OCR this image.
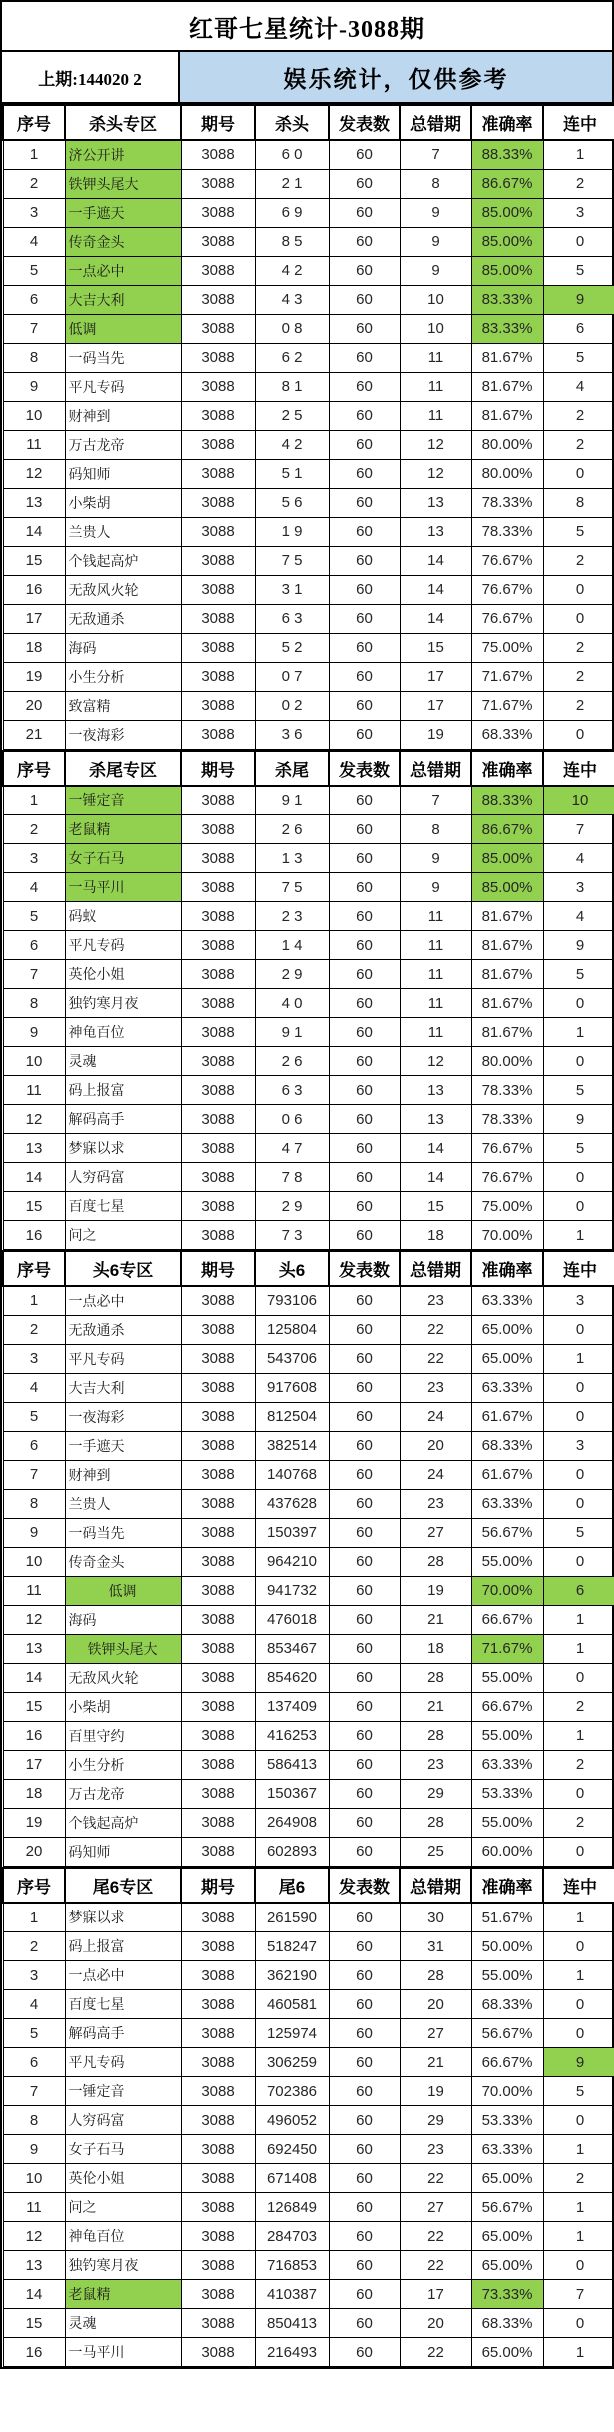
红哥七星统计-3088期
上期:144020 2	娱乐统计，仅供参考
序号	杀头专区	期号	杀头	发表数	总错期	准确率	连中
1	济公开讲	3088	6 0	60	7	88.33%	1
2	铁钾头尾大	3088	2 1	60	8	86.67%	2
3	一手遮天	3088	6 9	60	9	85.00%	3
4	传奇金头	3088	8 5	60	9	85.00%	0
5	一点必中	3088	4 2	60	9	85.00%	5
6	大吉大利	3088	4 3	60	10	83.33%	9
7	低调	3088	0 8	60	10	83.33%	6
8	一码当先	3088	6 2	60	11	81.67%	5
9	平凡专码	3088	8 1	60	11	81.67%	4
10	财神到	3088	2 5	60	11	81.67%	2
11	万古龙帝	3088	4 2	60	12	80.00%	2
12	码知师	3088	5 1	60	12	80.00%	0
13	小柴胡	3088	5 6	60	13	78.33%	8
14	兰贵人	3088	1 9	60	13	78.33%	5
15	个钱起高炉	3088	7 5	60	14	76.67%	2
16	无敌风火轮	3088	3 1	60	14	76.67%	0
17	无敌通杀	3088	6 3	60	14	76.67%	0
18	海码	3088	5 2	60	15	75.00%	2
19	小生分析	3088	0 7	60	17	71.67%	2
20	致富精	3088	0 2	60	17	71.67%	2
21	一夜海彩	3088	3 6	60	19	68.33%	0
序号	杀尾专区	期号	杀尾	发表数	总错期	准确率	连中
1	一锤定音	3088	9 1	60	7	88.33%	10
2	老鼠精	3088	2 6	60	8	86.67%	7
3	女子石马	3088	1 3	60	9	85.00%	4
4	一马平川	3088	7 5	60	9	85.00%	3
5	码蚁	3088	2 3	60	11	81.67%	4
6	平凡专码	3088	1 4	60	11	81.67%	9
7	英伦小姐	3088	2 9	60	11	81.67%	5
8	独钓寒月夜	3088	4 0	60	11	81.67%	0
9	神龟百位	3088	9 1	60	11	81.67%	1
10	灵魂	3088	2 6	60	12	80.00%	0
11	码上报富	3088	6 3	60	13	78.33%	5
12	解码高手	3088	0 6	60	13	78.33%	9
13	梦寐以求	3088	4 7	60	14	76.67%	5
14	人穷码富	3088	7 8	60	14	76.67%	0
15	百度七星	3088	2 9	60	15	75.00%	0
16	问之	3088	7 3	60	18	70.00%	1
序号	头6专区	期号	头6	发表数	总错期	准确率	连中
1	一点必中	3088	793106	60	23	63.33%	3
2	无敌通杀	3088	125804	60	22	65.00%	0
3	平凡专码	3088	543706	60	22	65.00%	1
4	大吉大利	3088	917608	60	23	63.33%	0
5	一夜海彩	3088	812504	60	24	61.67%	0
6	一手遮天	3088	382514	60	20	68.33%	3
7	财神到	3088	140768	60	24	61.67%	0
8	兰贵人	3088	437628	60	23	63.33%	0
9	一码当先	3088	150397	60	27	56.67%	5
10	传奇金头	3088	964210	60	28	55.00%	0
11	低调	3088	941732	60	19	70.00%	6
12	海码	3088	476018	60	21	66.67%	1
13	铁钾头尾大	3088	853467	60	18	71.67%	1
14	无敌风火轮	3088	854620	60	28	55.00%	0
15	小柴胡	3088	137409	60	21	66.67%	2
16	百里守约	3088	416253	60	28	55.00%	1
17	小生分析	3088	586413	60	23	63.33%	2
18	万古龙帝	3088	150367	60	29	53.33%	0
19	个钱起高炉	3088	264908	60	28	55.00%	2
20	码知师	3088	602893	60	25	60.00%	0
序号	尾6专区	期号	尾6	发表数	总错期	准确率	连中
1	梦寐以求	3088	261590	60	30	51.67%	1
2	码上报富	3088	518247	60	31	50.00%	0
3	一点必中	3088	362190	60	28	55.00%	1
4	百度七星	3088	460581	60	20	68.33%	0
5	解码高手	3088	125974	60	27	56.67%	0
6	平凡专码	3088	306259	60	21	66.67%	9
7	一锤定音	3088	702386	60	19	70.00%	5
8	人穷码富	3088	496052	60	29	53.33%	0
9	女子石马	3088	692450	60	23	63.33%	1
10	英伦小姐	3088	671408	60	22	65.00%	2
11	问之	3088	126849	60	27	56.67%	1
12	神龟百位	3088	284703	60	22	65.00%	1
13	独钓寒月夜	3088	716853	60	22	65.00%	0
14	老鼠精	3088	410387	60	17	73.33%	7
15	灵魂	3088	850413	60	20	68.33%	0
16	一马平川	3088	216493	60	22	65.00%	1
